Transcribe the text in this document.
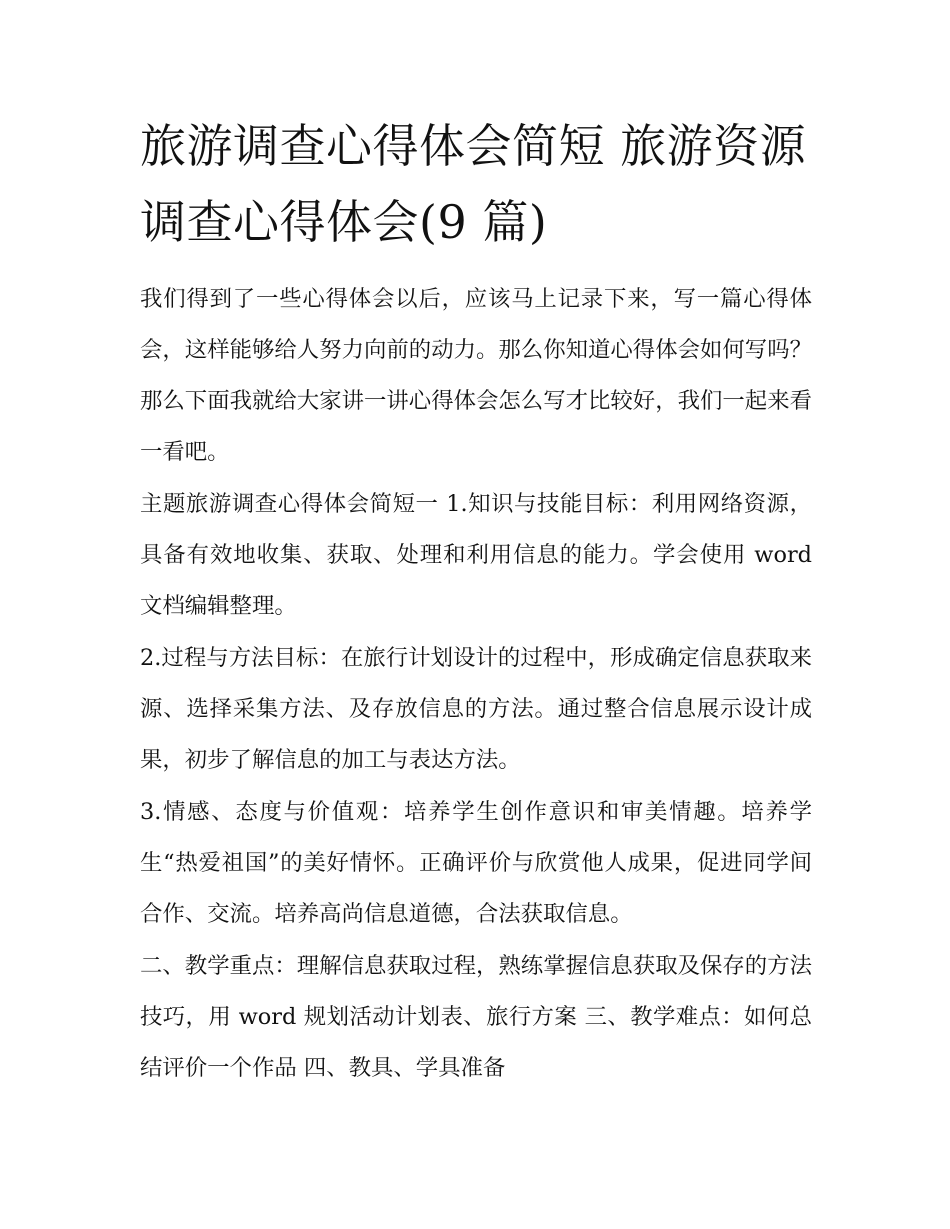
旅游调查心得体会简短 旅游资源调查心得体会(9 篇)

我们得到了一些心得体会以后，应该马上记录下来，写一篇心得体会，这样能够给人努力向前的动力。那么你知道心得体会如何写吗？那么下面我就给大家讲一讲心得体会怎么写才比较好，我们一起来看一看吧。

主题旅游调查心得体会简短一 1.知识与技能目标：利用网络资源，具备有效地收集、获取、处理和利用信息的能力。学会使用 word 文档编辑整理。

2.过程与方法目标：在旅行计划设计的过程中，形成确定信息获取来源、选择采集方法、及存放信息的方法。通过整合信息展示设计成果，初步了解信息的加工与表达方法。

3.情感、态度与价值观：培养学生创作意识和审美情趣。培养学生“热爱祖国”的美好情怀。正确评价与欣赏他人成果，促进同学间合作、交流。培养高尚信息道德，合法获取信息。

二、教学重点：理解信息获取过程，熟练掌握信息获取及保存的方法技巧，用 word 规划活动计划表、旅行方案 三、教学难点：如何总结评价一个作品 四、教具、学具准备
